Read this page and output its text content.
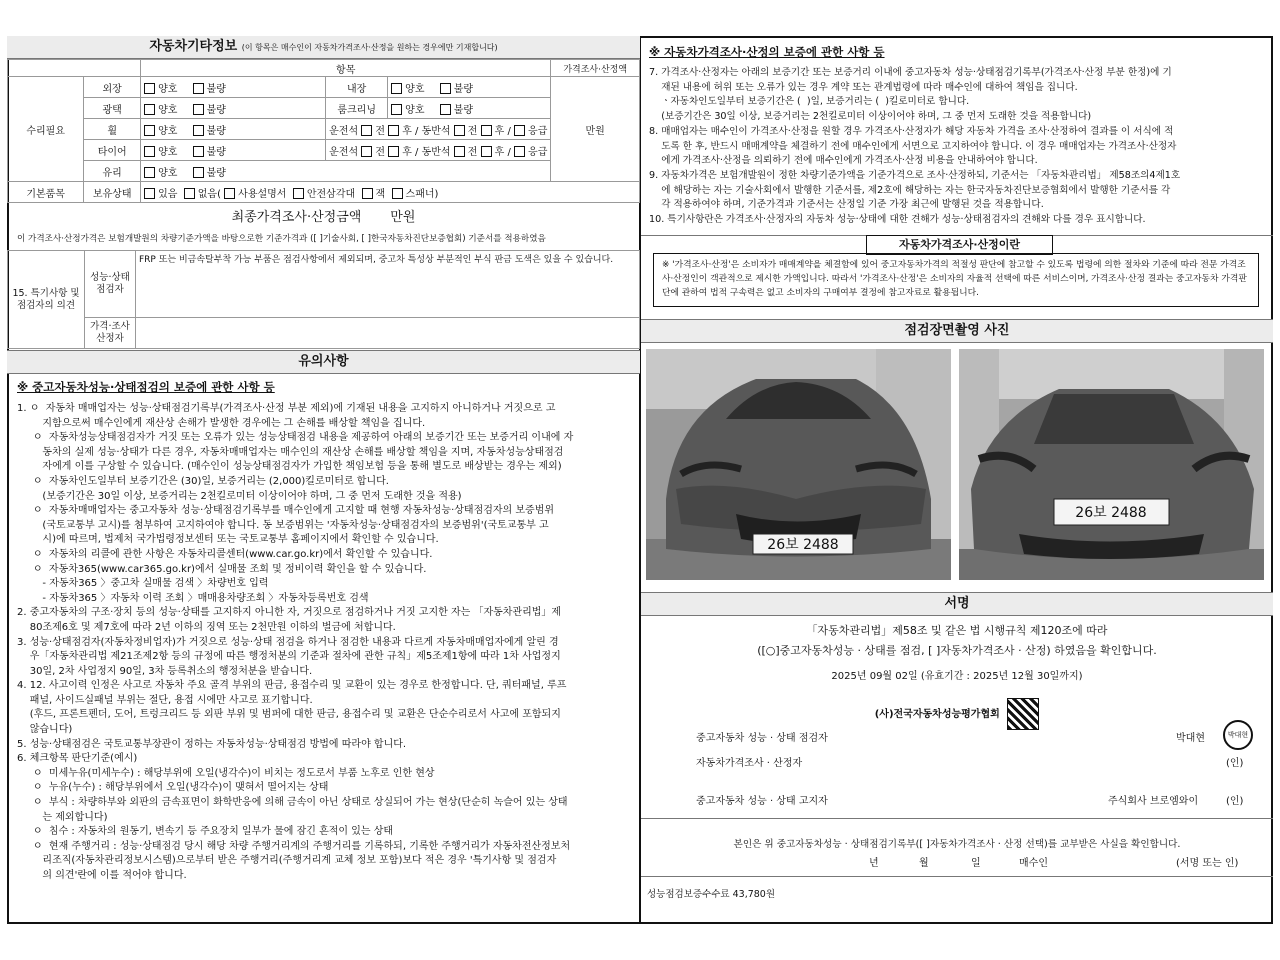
자동차기타정보 (이 항목은 매수인이 자동차가격조사·산정을 원하는 경우에만 기재합니다)
		항목			가격조사·산정액
수리필요	외장	양호 불량	내장	양호 불량	만원
	광택	양호 불량	룸크리닝	양호 불량	
	휠	양호 불량	운전석 전 후 / 동반석 전 후 / 응급		
	타이어	양호 불량	운전석 전 후 / 동반석 전 후 / 응급		
	유리	양호 불량			
기본품목	보유상태	있음 없음( 사용설명서 안전삼각대 잭 스패너)			
최종가격조사·산정금액 만원
이 가격조사·산정가격은 보험개발원의 차량기준가액을 바탕으로한 기준가격과 ([ ]기술사회, [ ]한국자동차진단보증협회) 기준서를 적용하였음
15. 특기사항 및 점검자의 의견	성능·상태 점검자	FRP 또는 비금속탈부착 가능 부품은 점검사항에서 제외되며, 중고차 특성상 부분적인 부식 판금 도색은 있을 수 있습니다.
	가격·조사 산정자	
유의사항
※ 중고자동차성능·상태점검의 보증에 관한 사항 등

1. ㅇ  자동차 매매업자는 성능·상태점검기록부(가격조사·산정 부분 제외)에 기재된 내용을 고지하지 아니하거나 거짓으로 고

지함으로써 매수인에게 재산상 손해가 발생한 경우에는 그 손해를 배상할 책임을 집니다.

ㅇ  자동차성능상태점검자가 거짓 또는 오류가 있는 성능상태점검 내용을 제공하여 아래의 보증기간 또는 보증거리 이내에 자

동차의 실제 성능·상태가 다른 경우, 자동차매매업자는 매수인의 재산상 손해를 배상할 책임을 지며, 자동차성능상태점검

자에게 이를 구상할 수 있습니다. (매수인이 성능상태점검자가 가입한 책임보험 등을 통해 별도로 배상받는 경우는 제외)

ㅇ  자동차인도일부터 보증기간은 (30)일, 보증거리는 (2,000)킬로미터로 합니다.

(보증기간은 30일 이상, 보증거리는 2천킬로미터 이상이어야 하며, 그 중 먼저 도래한 것을 적용)

ㅇ  자동차매매업자는 중고자동차 성능·상태점검기록부를 매수인에게 고지할 때 현행 자동차성능·상태점검자의 보증범위

(국토교통부 고시)를 첨부하여 고지하여야 합니다. 동 보증범위는 '자동차성능·상태점검자의 보증범위'(국토교통부 고

시)에 따르며, 법제처 국가법령정보센터 또는 국토교통부 홈페이지에서 확인할 수 있습니다.

ㅇ  자동차의 리콜에 관한 사항은 자동차리콜센터(www.car.go.kr)에서 확인할 수 있습니다.

ㅇ  자동차365(www.car365.go.kr)에서 실매물 조회 및 정비이력 확인을 할 수 있습니다.

- 자동차365 〉중고차 실매물 검색 〉차량번호 입력

- 자동차365 〉자동차 이력 조회 〉매매용차량조회 〉자동차등록번호 검색

2. 중고자동차의 구조·장치 등의 성능·상태를 고지하지 아니한 자, 거짓으로 점검하거나 거짓 고지한 자는 「자동차관리법」제

80조제6호 및 제7호에 따라 2년 이하의 징역 또는 2천만원 이하의 벌금에 처합니다.

3. 성능·상태점검자(자동차정비업자)가 거짓으로 성능·상태 점검을 하거나 점검한 내용과 다르게 자동차매매업자에게 알린 경

우「자동차관리법 제21조제2항 등의 규정에 따른 행정처분의 기준과 절차에 관한 규칙」제5조제1항에 따라 1차 사업정지

30일, 2차 사업정지 90일, 3차 등록취소의 행정처분을 받습니다.

4. 12. 사고이력 인정은 사고로 자동차 주요 골격 부위의 판금, 용접수리 및 교환이 있는 경우로 한정합니다. 단, 쿼터패널, 루프

패널, 사이드실패널 부위는 절단, 용접 시에만 사고로 표기합니다.

(후드, 프론트펜더, 도어, 트렁크리드 등 외판 부위 및 범퍼에 대한 판금, 용접수리 및 교환은 단순수리로서 사고에 포함되지

않습니다)

5. 성능·상태점검은 국토교통부장관이 정하는 자동차성능·상태점검 방법에 따라야 합니다.

6. 체크항목 판단기준(예시)

ㅇ  미세누유(미세누수) : 해당부위에 오일(냉각수)이 비치는 정도로서 부품 노후로 인한 현상

ㅇ  누유(누수) : 해당부위에서 오일(냉각수)이 맺혀서 떨어지는 상태

ㅇ  부식 : 차량하부와 외판의 금속표면이 화학반응에 의해 금속이 아닌 상태로 상실되어 가는 현상(단순히 녹슬어 있는 상태

는 제외합니다)

ㅇ  침수 : 자동차의 원동기, 변속기 등 주요장치 일부가 물에 잠긴 흔적이 있는 상태

ㅇ  현재 주행거리 : 성능·상태점검 당시 해당 차량 주행거리계의 주행거리를 기록하되, 기록한 주행거리가 자동차전산정보처

리조직(자동차관리정보시스템)으로부터 받은 주행거리(주행거리계 교체 정보 포함)보다 적은 경우 '특기사항 및 점검자

의 의견'란에 이를 적어야 합니다.

※ 자동차가격조사·산정의 보증에 관한 사항 등

7. 가격조사·산정자는 아래의 보증기간 또는 보증거리 이내에 중고자동차 성능·상태점검기록부(가격조사·산정 부분 한정)에 기

재된 내용에 허위 또는 오류가 있는 경우 계약 또는 관계법령에 따라 매수인에 대하여 책임을 집니다.

ㆍ자동차인도일부터 보증기간은 (  )일, 보증거리는 (  )킬로미터로 합니다.

(보증기간은 30일 이상, 보증거리는 2천킬로미터 이상이어야 하며, 그 중 먼저 도래한 것을 적용합니다)

8. 매매업자는 매수인이 가격조사·산정을 원할 경우 가격조사·산정자가 해당 자동차 가격을 조사·산정하여 결과를 이 서식에 적

도록 한 후, 반드시 매매계약을 체결하기 전에 매수인에게 서면으로 고지하여야 합니다. 이 경우 매매업자는 가격조사·산정자

에게 가격조사·산정을 의뢰하기 전에 매수인에게 가격조사·산정 비용을 안내하여야 합니다.

9. 자동차가격은 보험개발원이 정한 차량기준가액을 기준가격으로 조사·산정하되, 기준서는 「자동차관리법」 제58조의4제1호

에 해당하는 자는 기술사회에서 발행한 기준서를, 제2호에 해당하는 자는 한국자동차진단보증협회에서 발행한 기준서를 각

각 적용하여야 하며, 기준가격과 기준서는 산정일 기준 가장 최근에 발행된 것을 적용합니다.

10. 특기사항란은 가격조사·산정자의 자동차 성능·상태에 대한 견해가 성능·상태점검자의 견해와 다를 경우 표시합니다.

자동차가격조사·산정이란
※ '가격조사·산정'은 소비자가 매매계약을 체결함에 있어 중고자동차가격의 적절성 판단에 참고할 수 있도록 법령에 의한 절차와 기준에 따라 전문 가격조사·산정인이 객관적으로 제시한 가액입니다. 따라서 '가격조사·산정'은 소비자의 자율적 선택에 따른 서비스이며, 가격조사·산정 결과는 중고자동차 가격판단에 관하여 법적 구속력은 없고 소비자의 구매여부 결정에 참고자료로 활용됩니다.
점검장면촬영 사진
26보 2488
26보 2488
서명
「자동차관리법」제58조 및 같은 법 시행규칙 제120조에 따라
([○]중고자동차성능 · 상태를 점검, [ ]자동차가격조사 · 산정) 하였음을 확인합니다.
2025년 09월 02일 (유효기간 : 2025년 12월 30일까지)
(사)전국자동차성능평가협회
중고자동차 성능 · 상태 점검자	박대현	박대현
자동차가격조사 · 산정자	(인)
중고자동차 성능 · 상태 고지자	주식회사 브로엠와이	(인)
본인은 위 중고자동차성능 · 상태점검기록부([ ]자동차가격조사 · 산정 선택)를 교부받은 사실을 확인합니다.
년	월	일	매수인	(서명 또는 인)
성능점검보증수수료 43,780원
